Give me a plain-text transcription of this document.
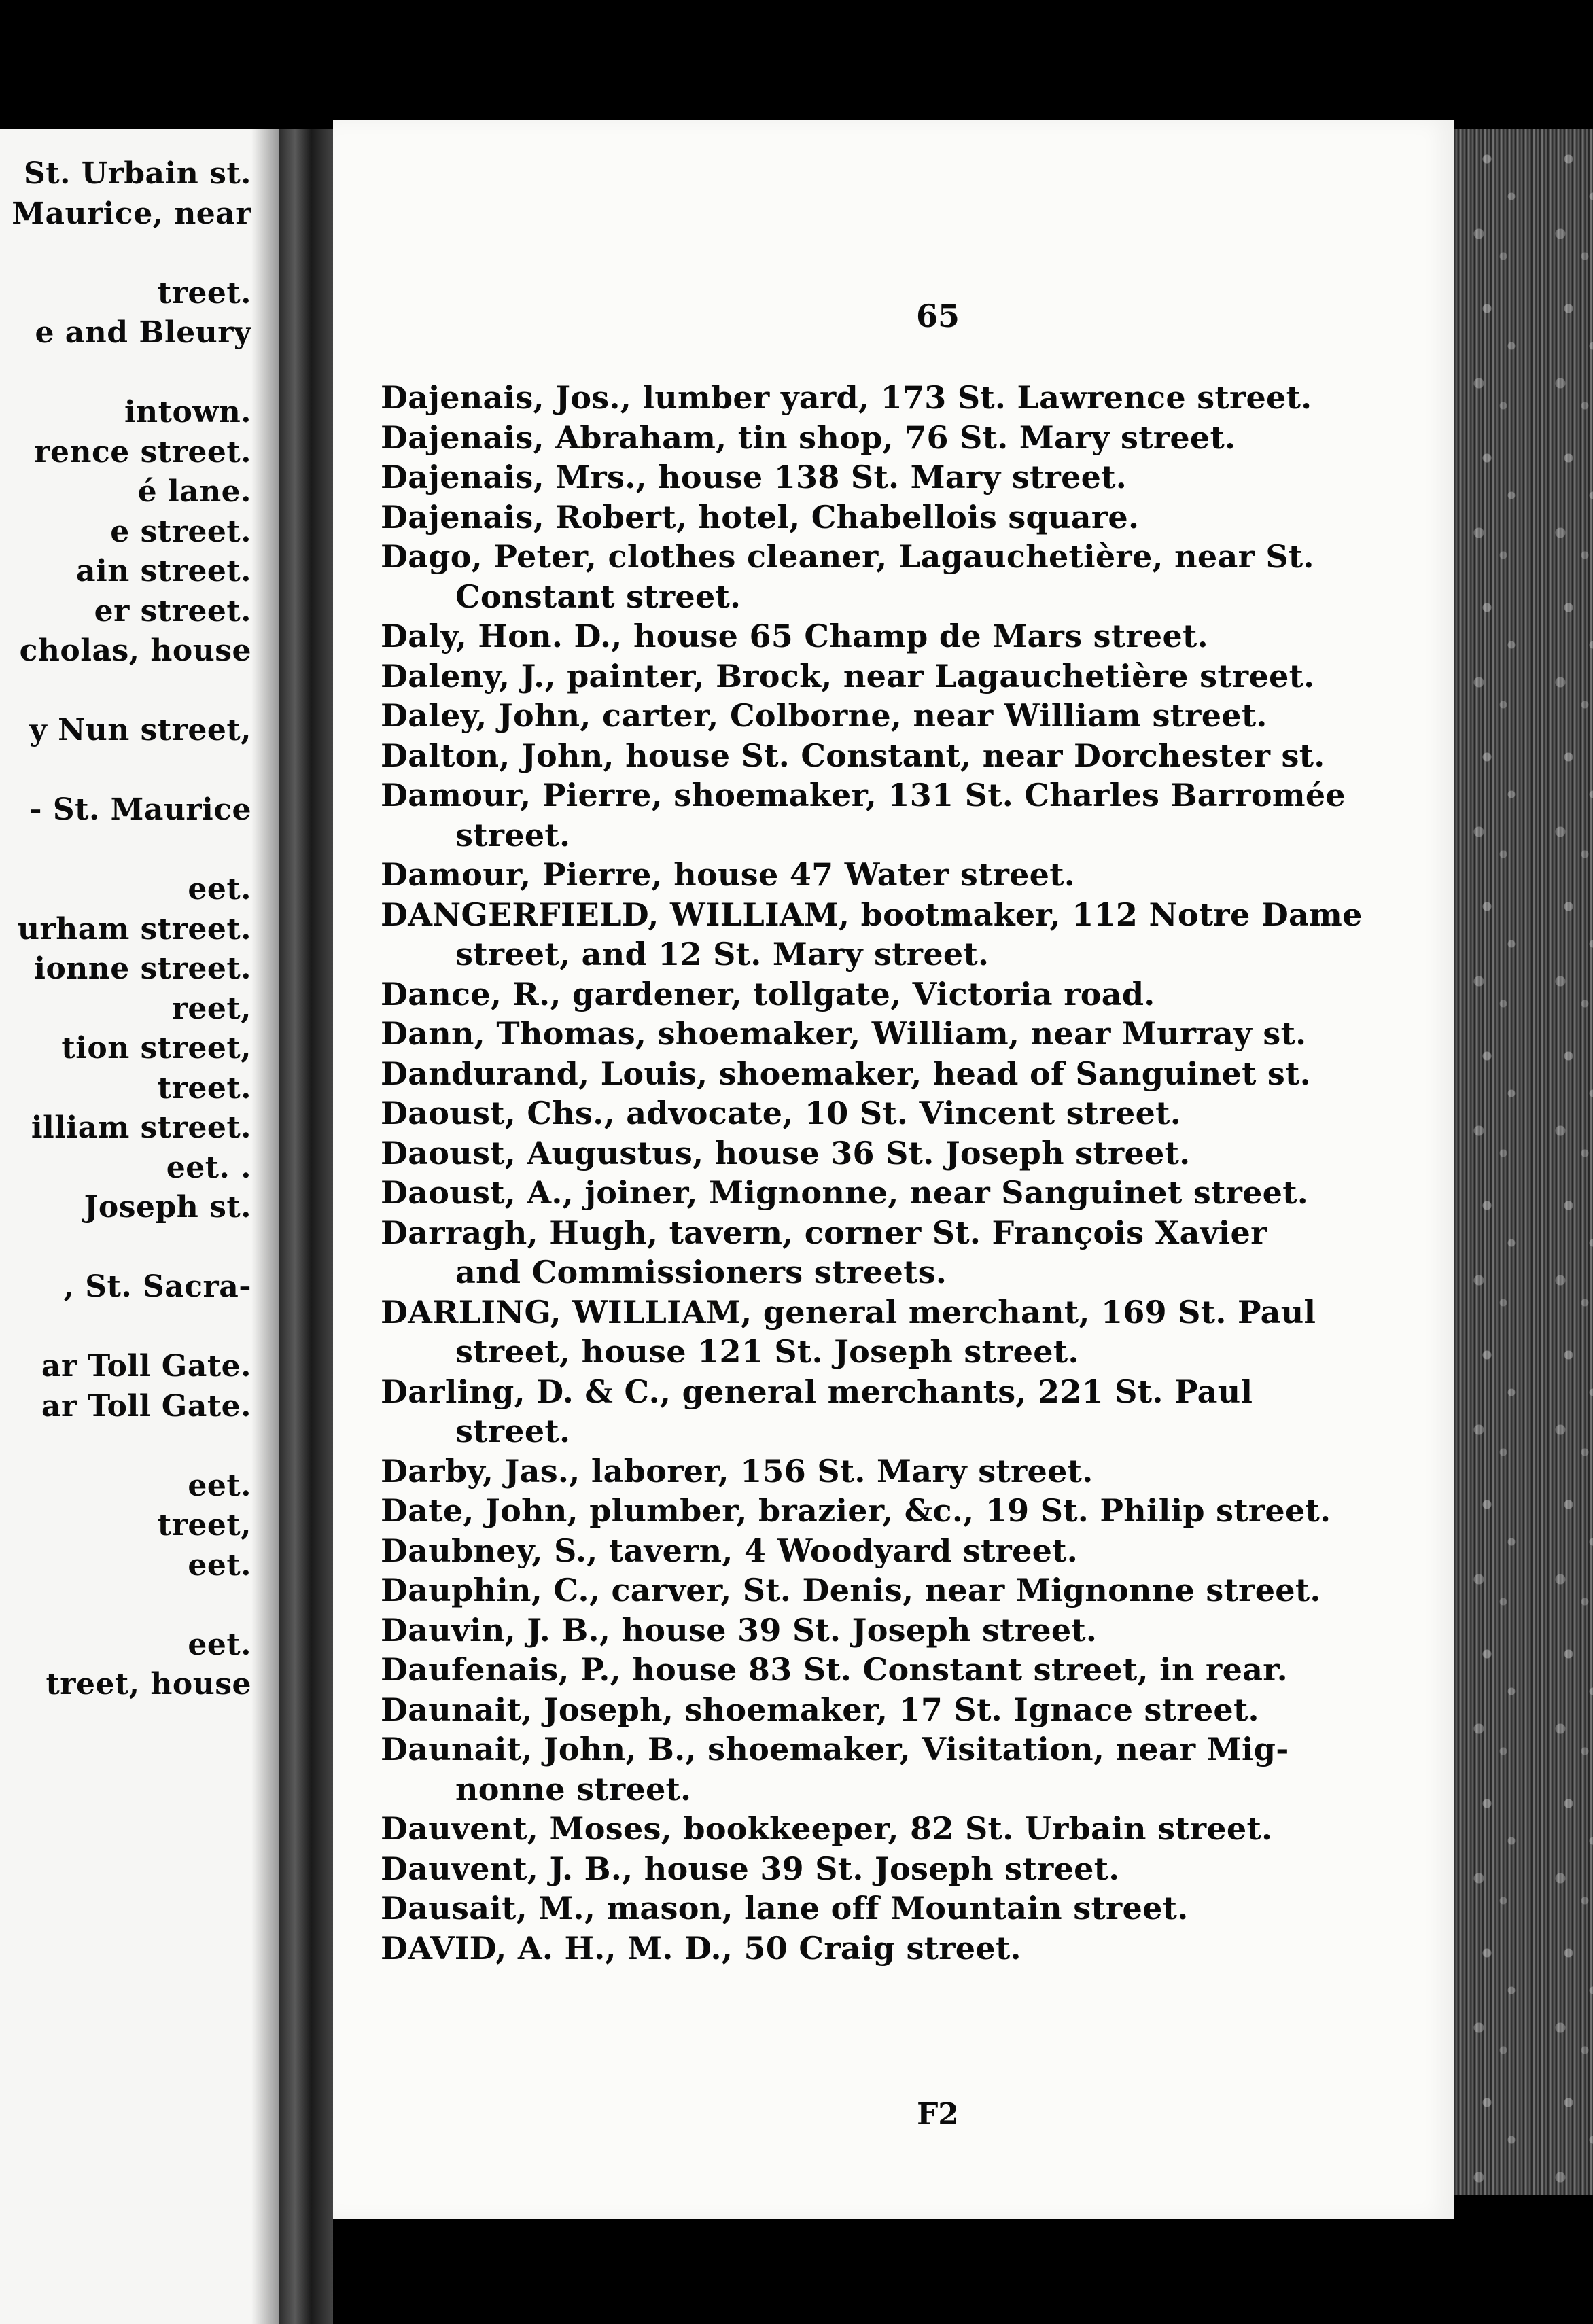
St. Urbain st.
Maurice, near
treet.
e and Bleury
intown.
rence street.
é lane.
e street.
ain street.
er street.
cholas, house
y Nun street,
- St. Maurice
eet.
urham street.
ionne street.
reet,
tion street,
treet.
illiam street.
eet. .
Joseph st.
, St. Sacra-
ar Toll Gate.
ar Toll Gate.
eet.
treet,
eet.
eet.
treet, house
65
Dajenais, Jos., lumber yard, 173 St. Lawrence street.
Dajenais, Abraham, tin shop, 76 St. Mary street.
Dajenais, Mrs., house 138 St. Mary street.
Dajenais, Robert, hotel, Chabellois square.
Dago, Peter, clothes cleaner, Lagauchetière, near St.
Constant street.
Daly, Hon. D., house 65 Champ de Mars street.
Daleny, J., painter, Brock, near Lagauchetière street.
Daley, John, carter, Colborne, near William street.
Dalton, John, house St. Constant, near Dorchester st.
Damour, Pierre, shoemaker, 131 St. Charles Barromée
street.
Damour, Pierre, house 47 Water street.
DANGERFIELD, WILLIAM, bootmaker, 112 Notre Dame
street, and 12 St. Mary street.
Dance, R., gardener, tollgate, Victoria road.
Dann, Thomas, shoemaker, William, near Murray st.
Dandurand, Louis, shoemaker, head of Sanguinet st.
Daoust, Chs., advocate, 10 St. Vincent street.
Daoust, Augustus, house 36 St. Joseph street.
Daoust, A., joiner, Mignonne, near Sanguinet street.
Darragh, Hugh, tavern, corner St. François Xavier
and Commissioners streets.
DARLING, WILLIAM, general merchant, 169 St. Paul
street, house 121 St. Joseph street.
Darling, D. & C., general merchants, 221 St. Paul
street.
Darby, Jas., laborer, 156 St. Mary street.
Date, John, plumber, brazier, &c., 19 St. Philip street.
Daubney, S., tavern, 4 Woodyard street.
Dauphin, C., carver, St. Denis, near Mignonne street.
Dauvin, J. B., house 39 St. Joseph street.
Daufenais, P., house 83 St. Constant street, in rear.
Daunait, Joseph, shoemaker, 17 St. Ignace street.
Daunait, John, B., shoemaker, Visitation, near Mig-
nonne street.
Dauvent, Moses, bookkeeper, 82 St. Urbain street.
Dauvent, J. B., house 39 St. Joseph street.
Dausait, M., mason, lane off Mountain street.
DAVID, A. H., M. D., 50 Craig street.
F2
